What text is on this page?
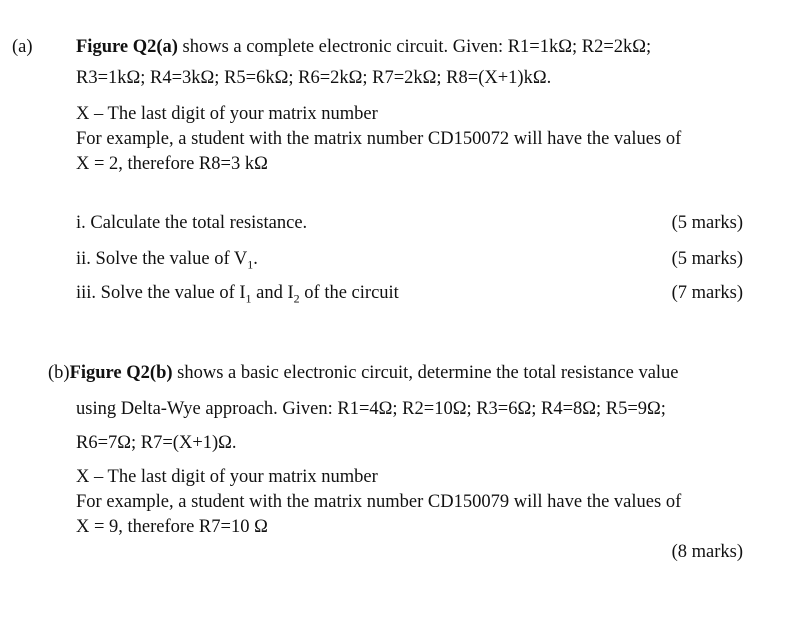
(a) Figure Q2(a) shows a complete electronic circuit. Given: R1=1kΩ; R2=2kΩ;
R3=1kΩ; R4=3kΩ; R5=6kΩ; R6=2kΩ; R7=2kΩ; R8=(X+1)kΩ.
X – The last digit of your matrix number
For example, a student with the matrix number CD150072 will have the values of
X = 2, therefore R8=3 kΩ
i. Calculate the total resistance.	(5 marks)
ii. Solve the value of $V_1$.	(5 marks)
iii. Solve the value of $I_1$ and $I_2$ of the circuit	(7 marks)
(b)Figure Q2(b) shows a basic electronic circuit, determine the total resistance value
using Delta-Wye approach. Given: R1=4Ω; R2=10Ω; R3=6Ω; R4=8Ω; R5=9Ω;
R6=7Ω; R7=(X+1)Ω.
X – The last digit of your matrix number
For example, a student with the matrix number CD150079 will have the values of
X = 9, therefore R7=10 Ω
(8 marks)
